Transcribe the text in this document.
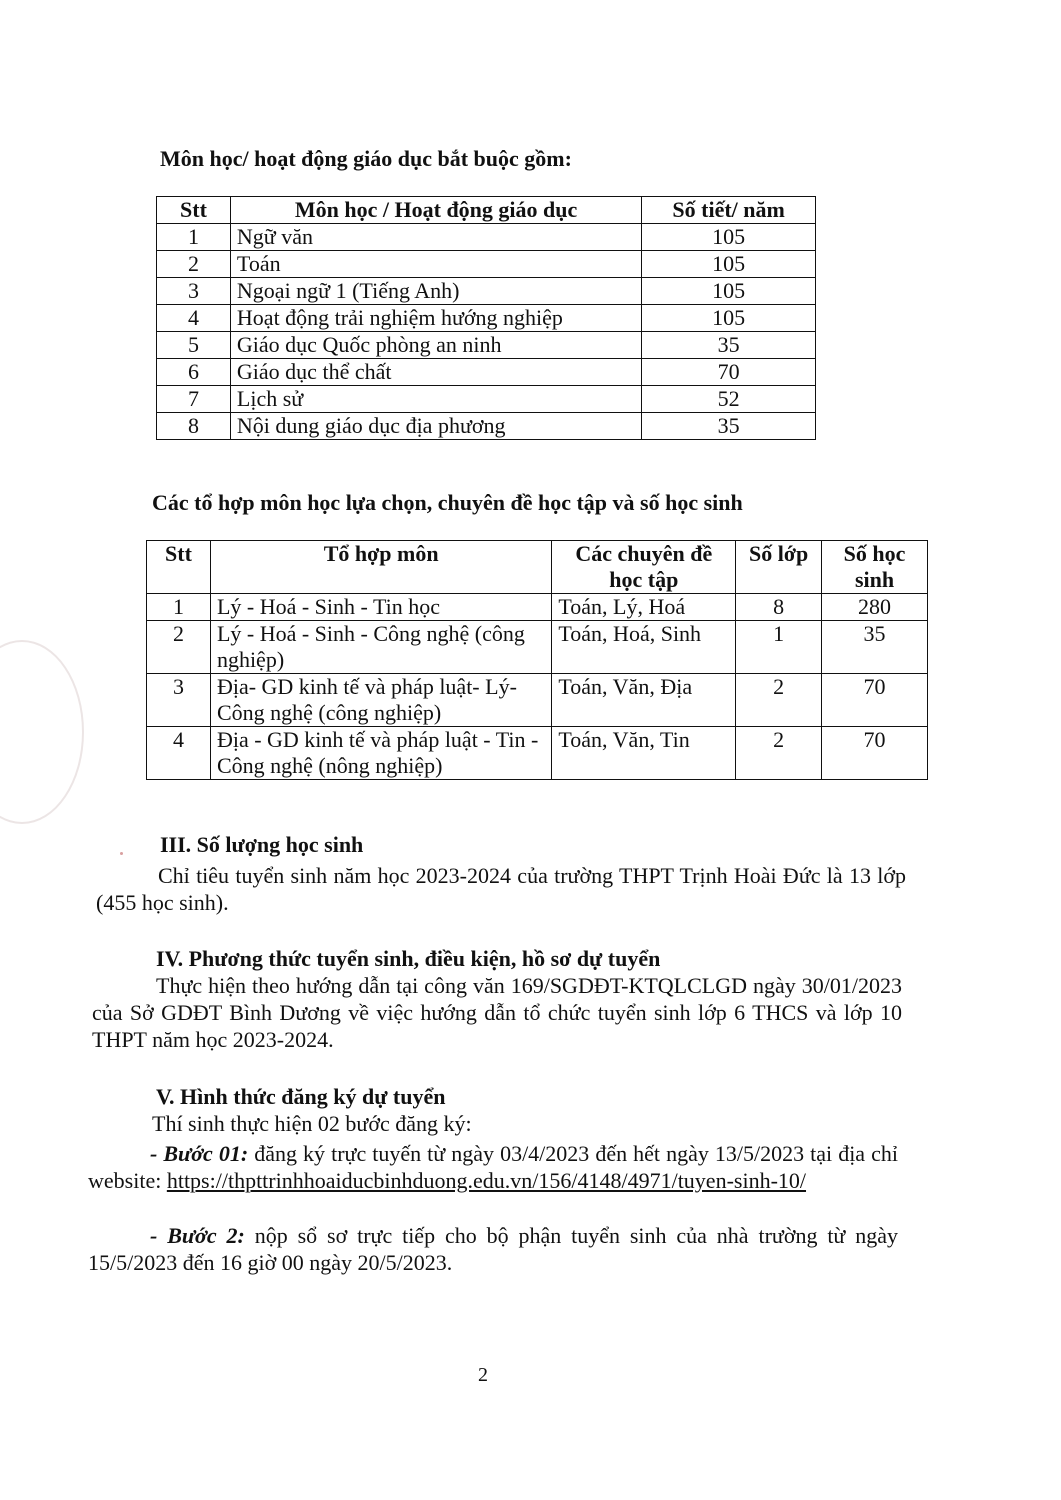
Môn học/ hoạt động giáo dục bắt buộc gồm:
Stt	Môn học / Hoạt động giáo dục	Số tiết/ năm
1	Ngữ văn	105
2	Toán	105
3	Ngoại ngữ 1 (Tiếng Anh)	105
4	Hoạt động trải nghiệm hướng nghiệp	105
5	Giáo dục Quốc phòng an ninh	35
6	Giáo dục thể chất	70
7	Lịch sử	52
8	Nội dung giáo dục địa phương	35
Các tổ hợp môn học lựa chọn, chuyên đề học tập và số học sinh
Stt	Tổ hợp môn	Các chuyên đề học tập	Số lớp	Số học sinh
1	Lý - Hoá - Sinh - Tin học	Toán, Lý, Hoá	8	280
2	Lý - Hoá - Sinh - Công nghệ (công nghiệp)	Toán, Hoá, Sinh	1	35
3	Địa- GD kinh tế và pháp luật- Lý- Công nghệ (công nghiệp)	Toán, Văn, Địa	2	70
4	Địa - GD kinh tế và pháp luật - Tin - Công nghệ (nông nghiệp)	Toán, Văn, Tin	2	70
III. Số lượng học sinh
Chỉ tiêu tuyển sinh năm học 2023-2024 của trường THPT Trịnh Hoài Đức là 13 lớp (455 học sinh).
IV. Phương thức tuyển sinh, điều kiện, hồ sơ dự tuyển
Thực hiện theo hướng dẫn tại công văn 169/SGDĐT-KTQLCLGD ngày 30/01/2023 của Sở GDĐT Bình Dương về việc hướng dẫn tổ chức tuyển sinh lớp 6 THCS và lớp 10 THPT năm học 2023-2024.
V. Hình thức đăng ký dự tuyển
Thí sinh thực hiện 02 bước đăng ký:
- Bước 01: đăng ký trực tuyến từ ngày 03/4/2023 đến hết ngày 13/5/2023 tại địa chỉ website: https://thpttrinhhoaiducbinhduong.edu.vn/156/4148/4971/tuyen-sinh-10/
- Bước 2: nộp sổ sơ trực tiếp cho bộ phận tuyển sinh của nhà trường từ ngày 15/5/2023 đến 16 giờ 00 ngày 20/5/2023.
2
